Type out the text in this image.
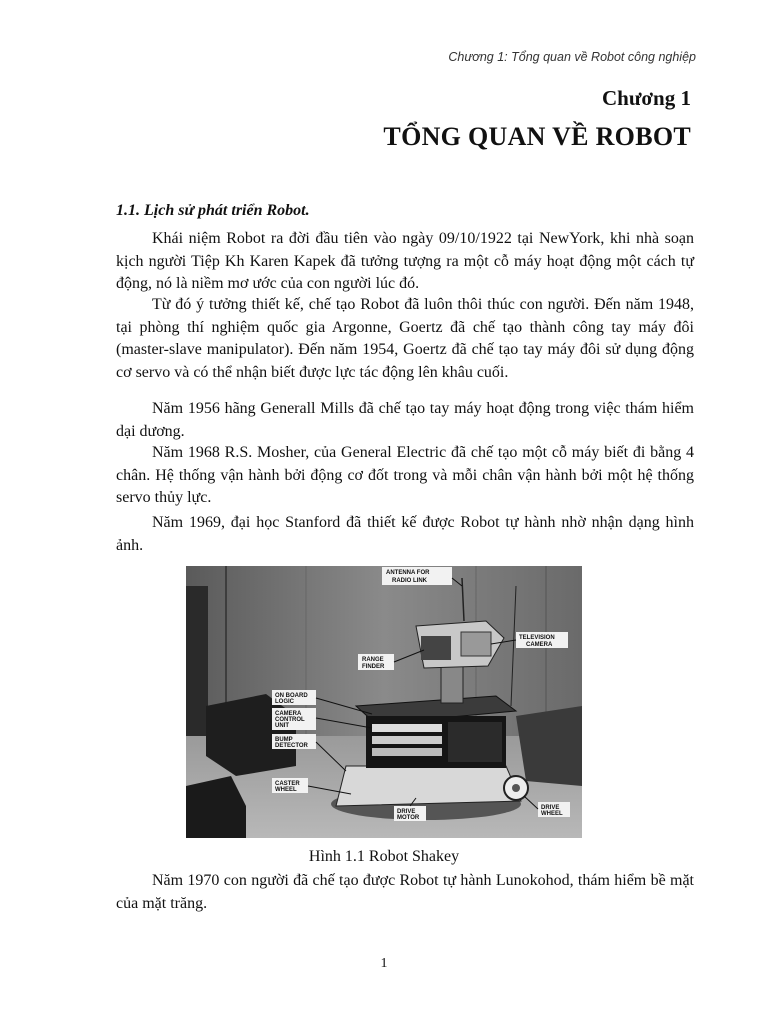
Chương 1: Tổng quan về Robot công nghiệp
Chương 1
TỔNG QUAN VỀ ROBOT
1.1. Lịch sử phát triển Robot.

Khái niệm Robot ra đời đầu tiên vào ngày 09/10/1922 tại NewYork, khi nhà soạn kịch người Tiệp Kh Karen Kapek đã tưởng tượng ra một cỗ máy hoạt động một cách tự động, nó là niềm mơ ước của con người lúc đó.

Từ đó ý tưởng thiết kế, chế tạo Robot đã luôn thôi thúc con người. Đến năm 1948, tại phòng thí nghiệm quốc gia Argonne, Goertz đã chế tạo thành công tay máy đôi (master-slave manipulator). Đến năm 1954, Goertz đã chế tạo tay máy đôi sử dụng động cơ servo và có thể nhận biết được lực tác động lên khâu cuối.

Năm 1956 hãng Generall Mills đã chế tạo tay máy hoạt động trong việc thám hiểm dại dương.

Năm 1968 R.S. Mosher, của General Electric đã chế tạo một cỗ máy biết đi bằng 4 chân. Hệ thống vận hành bởi động cơ đốt trong và mỗi chân vận hành bởi một hệ thống servo thủy lực.

Năm 1969, đại học Stanford đã thiết kế được Robot tự hành nhờ nhận dạng hình ảnh.

ANTENNA FOR
RADIO LINK
TELEVISION
CAMERA
RANGE
FINDER
ON BOARD
LOGIC
CAMERA
CONTROL
UNIT
BUMP
DETECTOR
CASTER
WHEEL
DRIVE
MOTOR
DRIVE
WHEEL
Hình 1.1 Robot Shakey

Năm 1970 con người đã chế tạo được Robot tự hành Lunokohod, thám hiểm bề mặt của mặt trăng.

1
